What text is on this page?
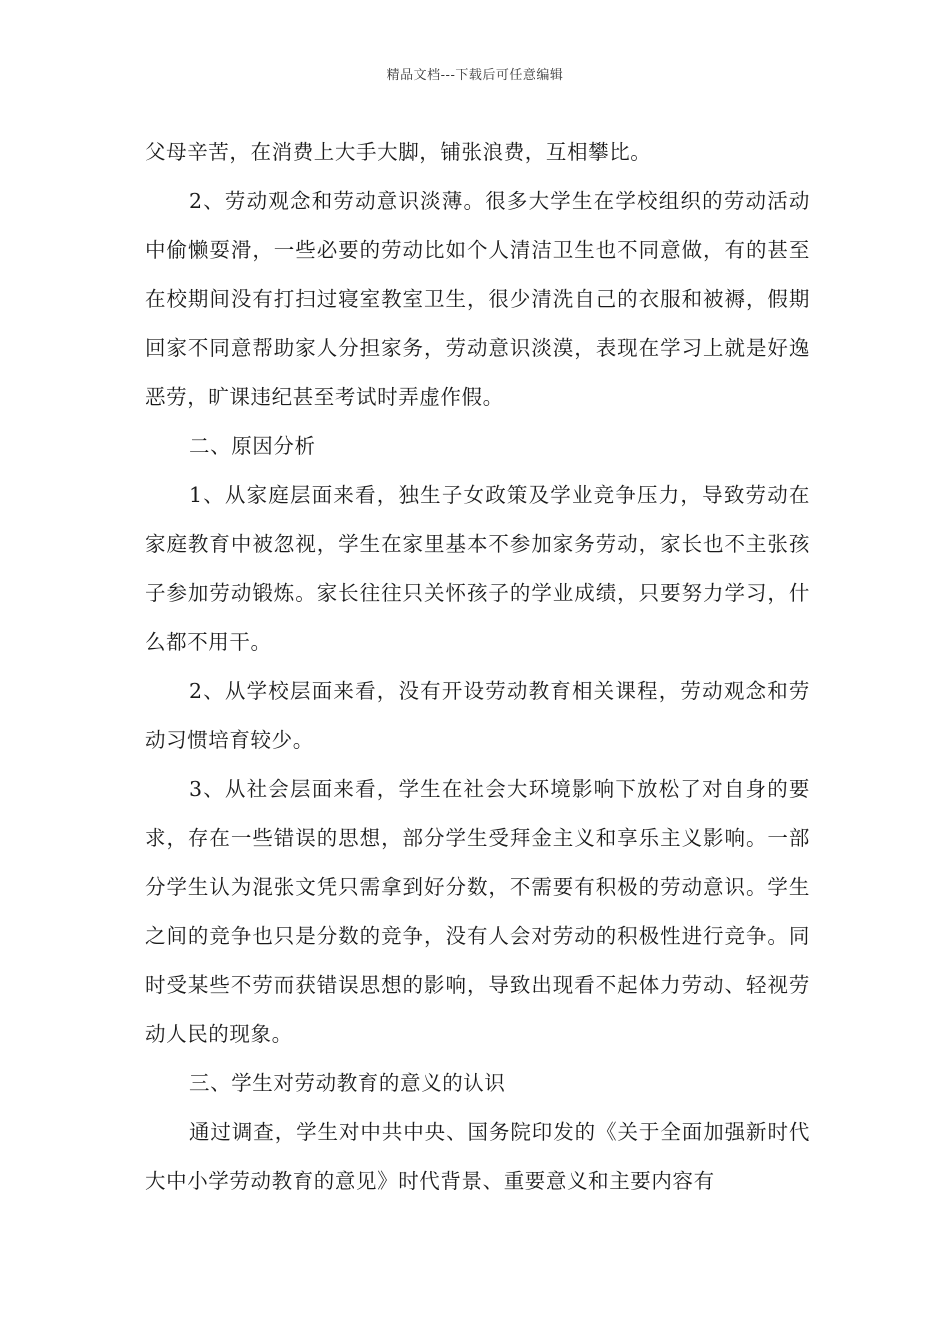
精品文档---下载后可任意编辑

父母辛苦，在消费上大手大脚，铺张浪费，互相攀比。

2、劳动观念和劳动意识淡薄。很多大学生在学校组织的劳动活动中偷懒耍滑，一些必要的劳动比如个人清洁卫生也不同意做，有的甚至在校期间没有打扫过寝室教室卫生，很少清洗自己的衣服和被褥，假期回家不同意帮助家人分担家务，劳动意识淡漠，表现在学习上就是好逸恶劳，旷课违纪甚至考试时弄虚作假。

二、原因分析

1、从家庭层面来看，独生子女政策及学业竞争压力，导致劳动在家庭教育中被忽视，学生在家里基本不参加家务劳动，家长也不主张孩子参加劳动锻炼。家长往往只关怀孩子的学业成绩，只要努力学习，什么都不用干。

2、从学校层面来看，没有开设劳动教育相关课程，劳动观念和劳动习惯培育较少。

3、从社会层面来看，学生在社会大环境影响下放松了对自身的要求，存在一些错误的思想，部分学生受拜金主义和享乐主义影响。一部分学生认为混张文凭只需拿到好分数，不需要有积极的劳动意识。学生之间的竞争也只是分数的竞争，没有人会对劳动的积极性进行竞争。同时受某些不劳而获错误思想的影响，导致出现看不起体力劳动、轻视劳动人民的现象。

三、学生对劳动教育的意义的认识

通过调查，学生对中共中央、国务院印发的《关于全面加强新时代大中小学劳动教育的意见》时代背景、重要意义和主要内容有
